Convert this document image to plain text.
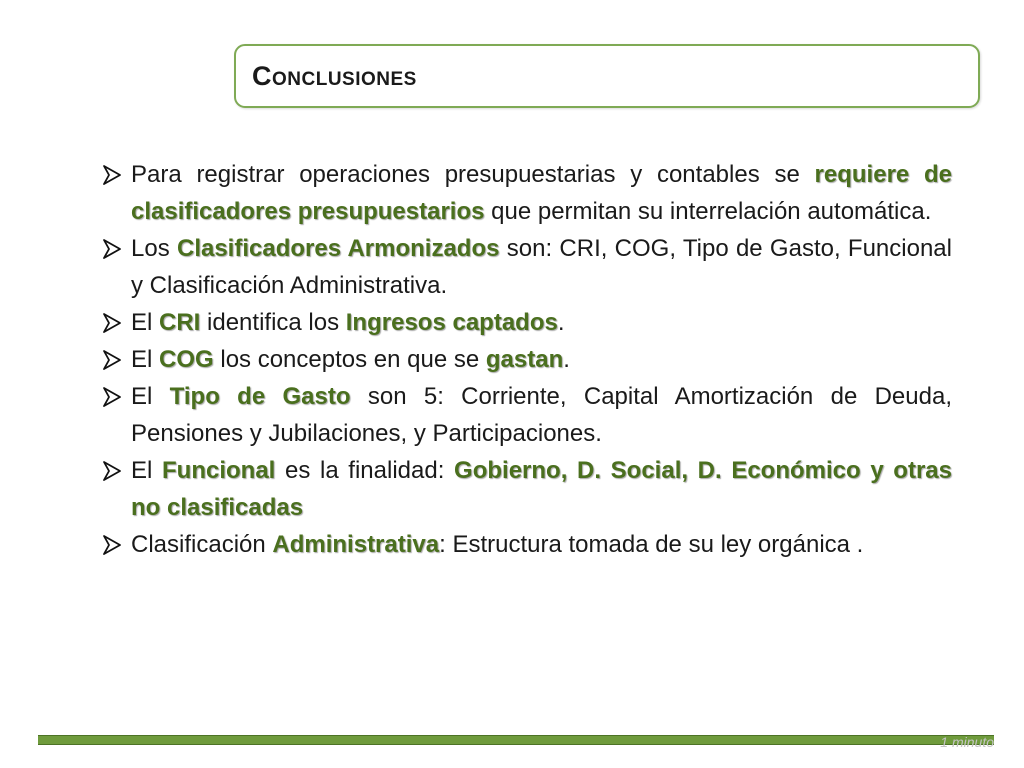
Conclusiones
Para registrar operaciones presupuestarias y contables se requiere de clasificadores presupuestarios que permitan su interrelación automática.
Los Clasificadores Armonizados son: CRI, COG, Tipo de Gasto, Funcional y Clasificación Administrativa.
El CRI identifica los Ingresos captados.
El COG los conceptos en que se gastan.
El Tipo de Gasto son 5: Corriente, Capital Amortización de Deuda, Pensiones y Jubilaciones, y Participaciones.
El Funcional es la finalidad: Gobierno, D. Social, D. Económico y otras no clasificadas
Clasificación Administrativa: Estructura tomada de su ley orgánica .
1 minuto
